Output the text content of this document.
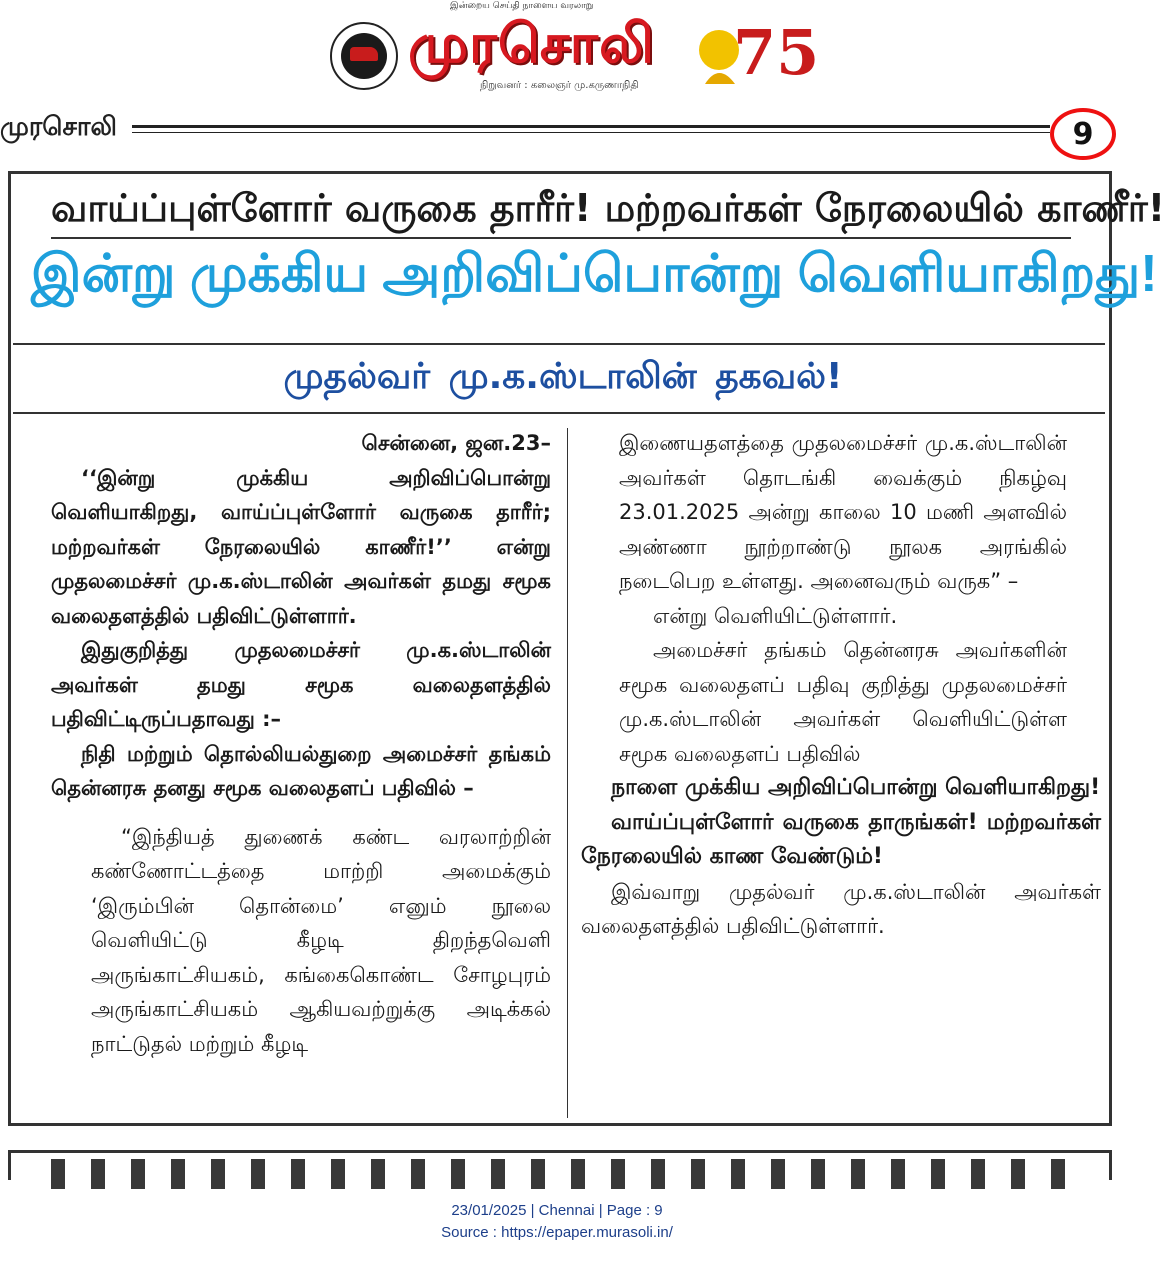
இன்றைய செய்தி நாளைய வரலாறு
முரசொலி
நிறுவனர் : கலைஞர் மு.கருணாநிதி 75
முரசொலி	9
வாய்ப்புள்ளோர் வருகை தாரீர்! மற்றவர்கள் நேரலையில் காணீர்!
இன்று முக்கிய அறிவிப்பொன்று வெளியாகிறது!
முதல்வர் மு.க.ஸ்டாலின் தகவல்!

சென்னை, ஜன.23–

‘‘இன்று முக்கிய அறிவிப்பொன்று வெளியாகிறது, வாய்ப்புள்ளோர் வருகை தாரீர்; மற்றவர்கள் நேரலையில் காணீர்!’’ என்று முதலமைச்சர் மு.க.ஸ்டாலின் அவர்கள் தமது சமூக வலைதளத்தில் பதிவிட்டுள்ளார்.

இதுகுறித்து முதலமைச்சர் மு.க.ஸ்டாலின் அவர்கள் தமது சமூக வலைதளத்தில் பதிவிட்டிருப்பதாவது :–

நிதி மற்றும் தொல்லியல்துறை அமைச்சர் தங்கம் தென்னரசு தனது சமூக வலைதளப் பதிவில் –

“இந்தியத் துணைக் கண்ட வரலாற்றின் கண்ணோட்டத்தை மாற்றி அமைக்கும் ‘இரும்பின் தொன்மை’ எனும் நூலை வெளியிட்டு கீழடி திறந்தவெளி அருங்காட்சியகம், கங்கைகொண்ட சோழபுரம் அருங்காட்சியகம் ஆகியவற்றுக்கு அடிக்கல் நாட்டுதல் மற்றும் கீழடி

இணையதளத்தை முதலமைச்சர் மு.க.ஸ்டாலின் அவர்கள் தொடங்கி வைக்கும் நிகழ்வு 23.01.2025 அன்று காலை 10 மணி அளவில் அண்ணா நூற்றாண்டு நூலக அரங்கில் நடைபெற உள்ளது. அனைவரும் வருக” –

என்று வெளியிட்டுள்ளார்.

அமைச்சர் தங்கம் தென்னரசு அவர்களின் சமூக வலைதளப் பதிவு குறித்து முதலமைச்சர் மு.க.ஸ்டாலின் அவர்கள் வெளியிட்டுள்ள சமூக வலைதளப் பதிவில்

நாளை முக்கிய அறிவிப்பொன்று வெளியாகிறது!

வாய்ப்புள்ளோர் வருகை தாருங்கள்! மற்றவர்கள் நேரலையில் காண வேண்டும்!

இவ்வாறு முதல்வர் மு.க.ஸ்டாலின் அவர்கள் வலைதளத்தில் பதிவிட்டுள்ளார்.

23/01/2025 | Chennai | Page : 9
Source : https://epaper.murasoli.in/
